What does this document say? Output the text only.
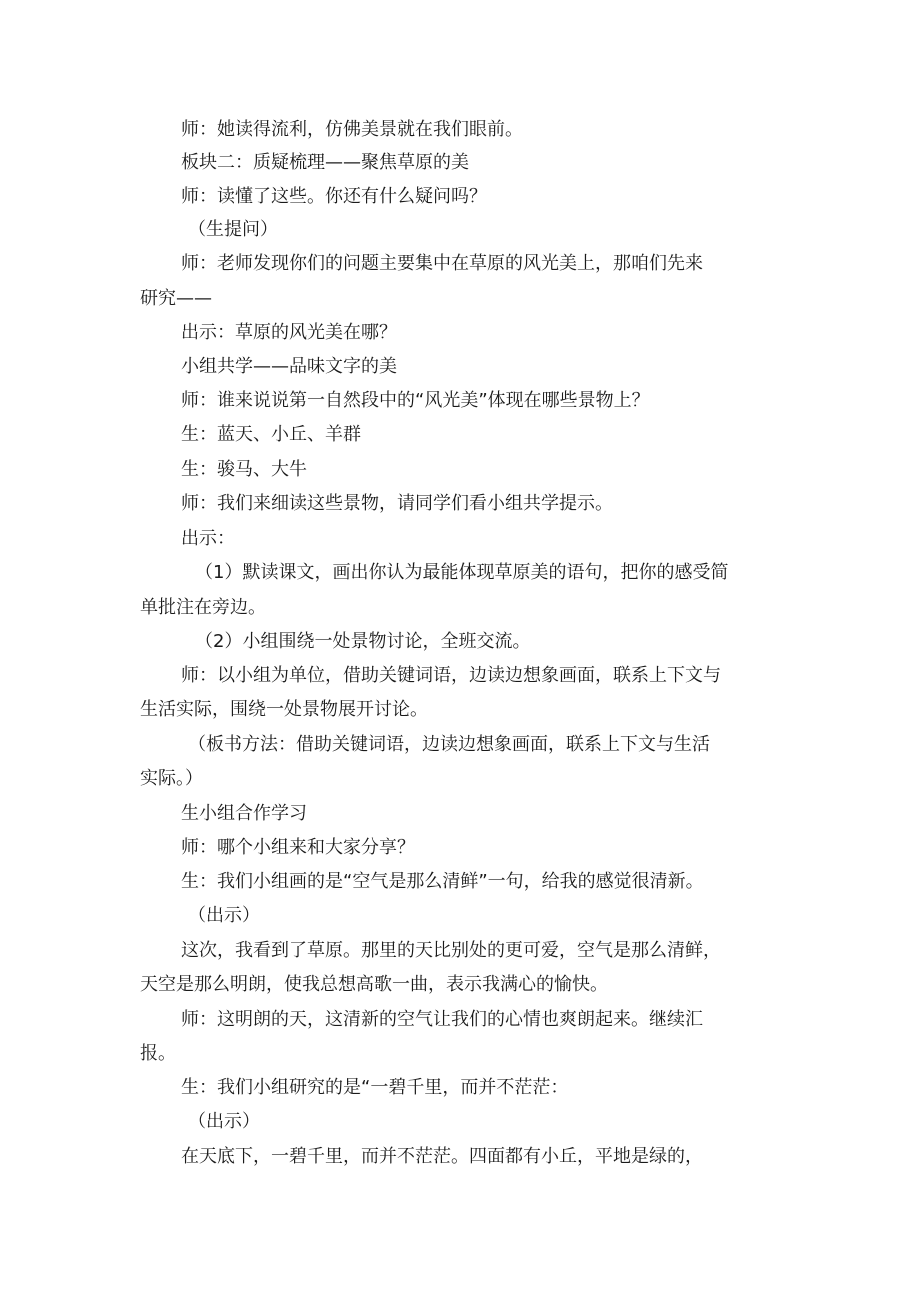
师：她读得流利，仿佛美景就在我们眼前。
板块二：质疑梳理——聚焦草原的美
师：读懂了这些。你还有什么疑问吗？
（生提问）
师：老师发现你们的问题主要集中在草原的风光美上，那咱们先来
研究——
出示：草原的风光美在哪？
小组共学——品味文字的美
师：谁来说说第一自然段中的“风光美”体现在哪些景物上？
生：蓝天、小丘、羊群
生：骏马、大牛
师：我们来细读这些景物，请同学们看小组共学提示。
出示：
（1）默读课文，画出你认为最能体现草原美的语句，把你的感受简
单批注在旁边。
（2）小组围绕一处景物讨论，全班交流。
师：以小组为单位，借助关键词语，边读边想象画面，联系上下文与
生活实际，围绕一处景物展开讨论。
（板书方法：借助关键词语，边读边想象画面，联系上下文与生活
实际。）
生小组合作学习
师：哪个小组来和大家分享？
生：我们小组画的是“空气是那么清鲜”一句，给我的感觉很清新。
（出示）
这次，我看到了草原。那里的天比别处的更可爱，空气是那么清鲜，
天空是那么明朗，使我总想高歌一曲，表示我满心的愉快。
师：这明朗的天，这清新的空气让我们的心情也爽朗起来。继续汇
报。
生：我们小组研究的是“一碧千里，而并不茫茫：
（出示）
在天底下，一碧千里，而并不茫茫。四面都有小丘，平地是绿的，
